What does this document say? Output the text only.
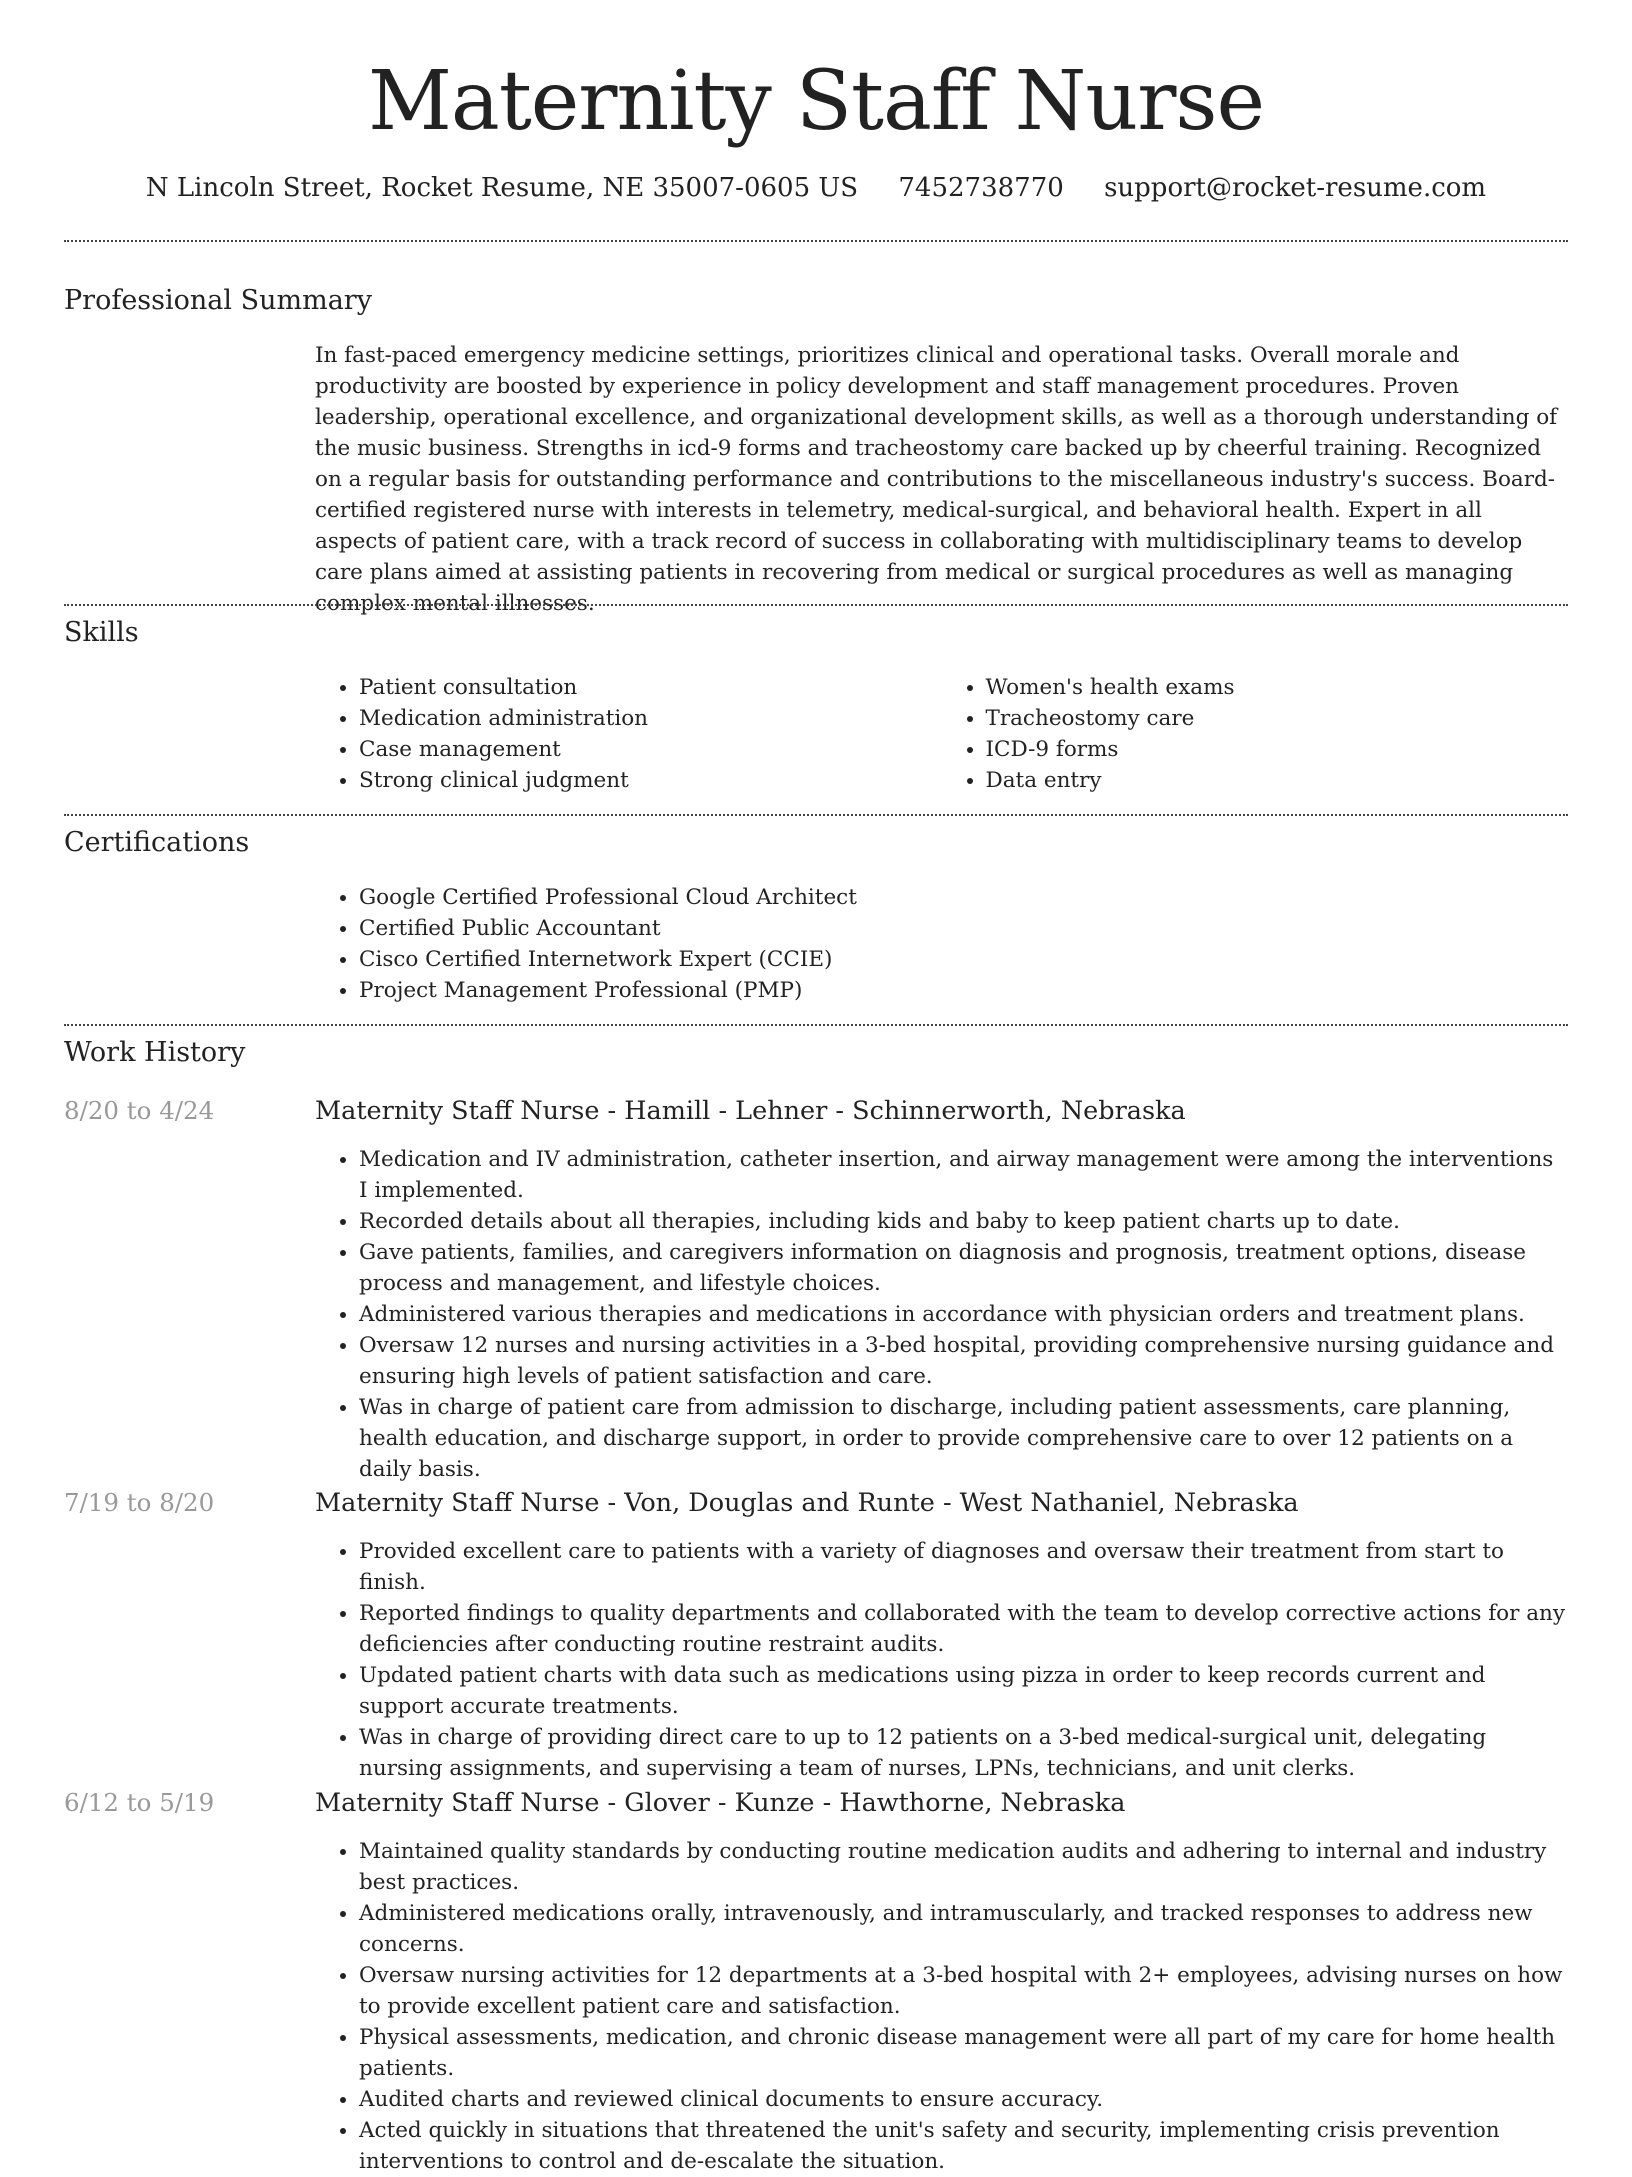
Maternity Staff Nurse
N Lincoln Street, Rocket Resume, NE 35007-0605 US 7452738770 support@rocket-resume.com
Professional Summary

In fast-paced emergency medicine settings, prioritizes clinical and operational tasks. Overall morale and productivity are boosted by experience in policy development and staff management procedures. Proven leadership, operational excellence, and organizational development skills, as well as a thorough understanding of the music business. Strengths in icd-9 forms and tracheostomy care backed up by cheerful training. Recognized on a regular basis for outstanding performance and contributions to the miscellaneous industry's success. Board-certified registered nurse with interests in telemetry, medical-surgical, and behavioral health. Expert in all aspects of patient care, with a track record of success in collaborating with multidisciplinary teams to develop care plans aimed at assisting patients in recovering from medical or surgical procedures as well as managing complex mental illnesses.

Skills
• Patient consultation
• Medication administration
• Case management
• Strong clinical judgment
• Women's health exams
• Tracheostomy care
• ICD-9 forms
• Data entry
Certifications
• Google Certified Professional Cloud Architect
• Certified Public Accountant
• Cisco Certified Internetwork Expert (CCIE)
• Project Management Professional (PMP)
Work History
8/20 to 4/24	Maternity Staff Nurse - Hamill - Lehner - Schinnerworth, Nebraska
• Medication and IV administration, catheter insertion, and airway management were among the interventions I implemented.
• Recorded details about all therapies, including kids and baby to keep patient charts up to date.
• Gave patients, families, and caregivers information on diagnosis and prognosis, treatment options, disease process and management, and lifestyle choices.
• Administered various therapies and medications in accordance with physician orders and treatment plans.
• Oversaw 12 nurses and nursing activities in a 3-bed hospital, providing comprehensive nursing guidance and ensuring high levels of patient satisfaction and care.
• Was in charge of patient care from admission to discharge, including patient assessments, care planning, health education, and discharge support, in order to provide comprehensive care to over 12 patients on a daily basis.
7/19 to 8/20	Maternity Staff Nurse - Von, Douglas and Runte - West Nathaniel, Nebraska
• Provided excellent care to patients with a variety of diagnoses and oversaw their treatment from start to finish.
• Reported findings to quality departments and collaborated with the team to develop corrective actions for any deficiencies after conducting routine restraint audits.
• Updated patient charts with data such as medications using pizza in order to keep records current and support accurate treatments.
• Was in charge of providing direct care to up to 12 patients on a 3-bed medical-surgical unit, delegating nursing assignments, and supervising a team of nurses, LPNs, technicians, and unit clerks.
6/12 to 5/19	Maternity Staff Nurse - Glover - Kunze - Hawthorne, Nebraska
• Maintained quality standards by conducting routine medication audits and adhering to internal and industry best practices.
• Administered medications orally, intravenously, and intramuscularly, and tracked responses to address new concerns.
• Oversaw nursing activities for 12 departments at a 3-bed hospital with 2+ employees, advising nurses on how to provide excellent patient care and satisfaction.
• Physical assessments, medication, and chronic disease management were all part of my care for home health patients.
• Audited charts and reviewed clinical documents to ensure accuracy.
• Acted quickly in situations that threatened the unit's safety and security, implementing crisis prevention interventions to control and de-escalate the situation.
